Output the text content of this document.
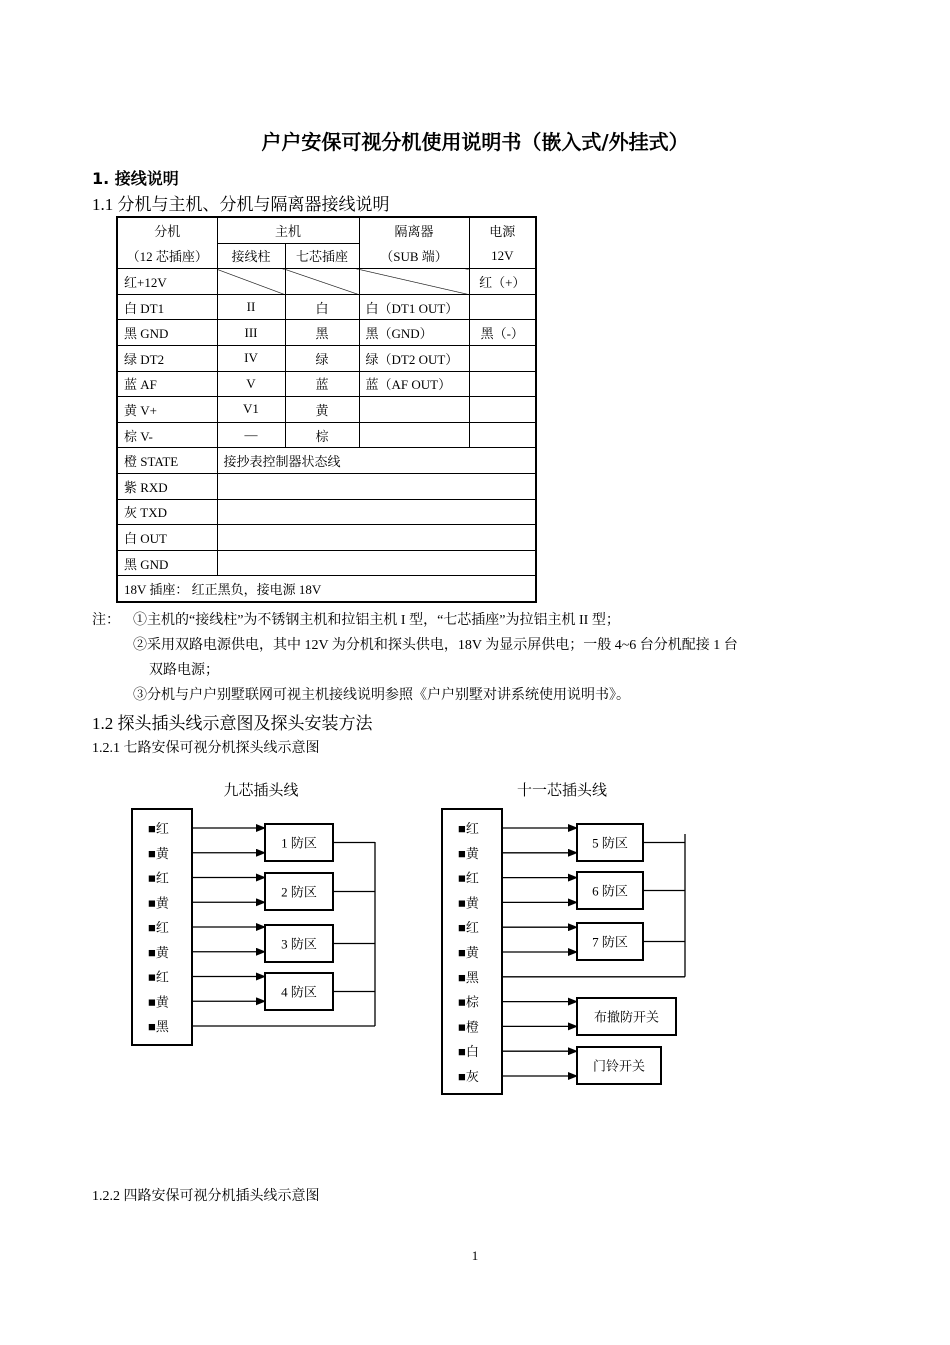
户户安保可视分机使用说明书（嵌入式/外挂式）
1. 接线说明
1.1 分机与主机、分机与隔离器接线说明
分机	主机		隔离器	电源
（12 芯插座）	接线柱	七芯插座	（SUB 端）	12V
红+12V				红（+）
白 DT1	II	白	白（DT1 OUT）	
黑 GND	III	黑	黑（GND）	黑（-）
绿 DT2	IV	绿	绿（DT2 OUT）	
蓝 AF	V	蓝	蓝（AF OUT）	
黄 V+	V1	黄		
棕 V-	—	棕		
橙 STATE	接抄表控制器状态线			
紫 RXD				
灰 TXD				
白 OUT				
黑 GND				
18V 插座： 红正黑负，接电源 18V				
注： ①主机的“接线柱”为不锈钢主机和拉铝主机 I 型，“七芯插座”为拉铝主机 II 型；
②采用双路电源供电，其中 12V 为分机和探头供电，18V 为显示屏供电；一般 4~6 台分机配接 1 台
双路电源；
③分机与户户别墅联网可视主机接线说明参照《户户别墅对讲系统使用说明书》。
1.2 探头插头线示意图及探头安装方法
1.2.1 七路安保可视分机探头线示意图
九芯插头线	十一芯插头线
■红
■黄
■红
■黄
■红
■黄
■红
■黄
■黑
1 防区
2 防区
3 防区
4 防区
■红
■黄
■红
■黄
■红
■黄
■黑
■棕
■橙
■白
■灰
5 防区
6 防区
7 防区
布撤防开关
门铃开关
1.2.2 四路安保可视分机插头线示意图
1
